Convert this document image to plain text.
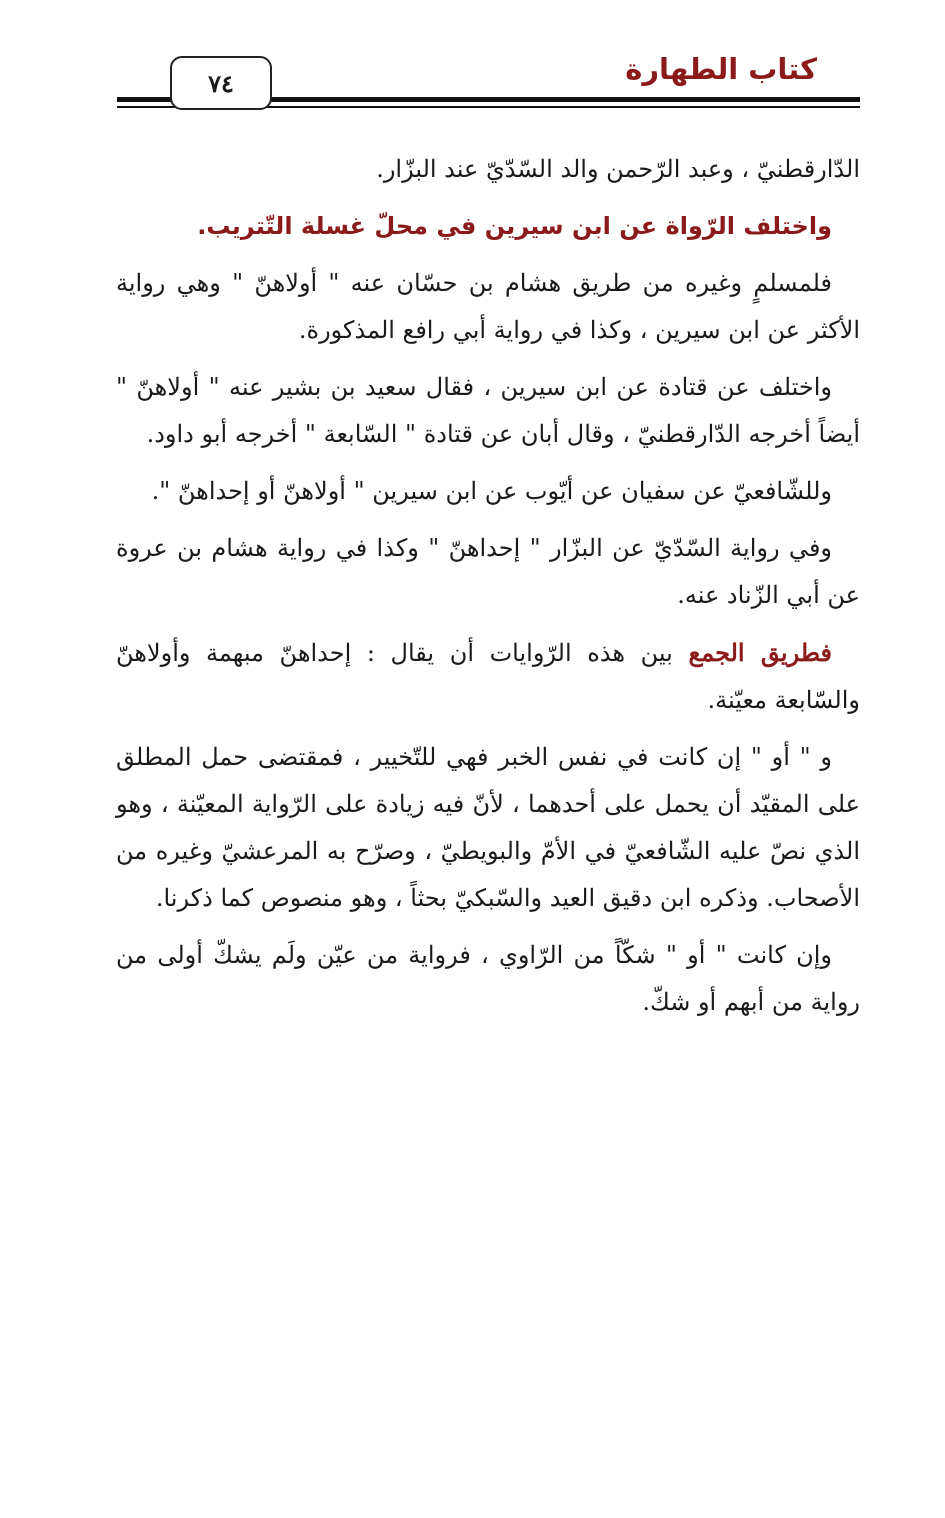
كتاب الطهارة
٧٤

الدّارقطنيّ ، وعبد الرّحمن والد السّدّيّ عند البزّار.

واختلف الرّواة عن ابن سيرين في محلّ غسلة التّتريب.

فلمسلمٍ وغيره من طريق هشام بن حسّان عنه " أولاهنّ " وهي رواية الأكثر عن ابن سيرين ، وكذا في رواية أبي رافع المذكورة.

واختلف عن قتادة عن ابن سيرين ، فقال سعيد بن بشير عنه " أولاهنّ " أيضاً أخرجه الدّارقطنيّ ، وقال أبان عن قتادة " السّابعة " أخرجه أبو داود.

وللشّافعيّ عن سفيان عن أيّوب عن ابن سيرين " أولاهنّ أو إحداهنّ ".

وفي رواية السّدّيّ عن البزّار " إحداهنّ " وكذا في رواية هشام بن عروة عن أبي الزّناد عنه.

فطريق الجمع بين هذه الرّوايات أن يقال : إحداهنّ مبهمة وأولاهنّ والسّابعة معيّنة.

و " أو " إن كانت في نفس الخبر فهي للتّخيير ، فمقتضى حمل المطلق على المقيّد أن يحمل على أحدهما ، لأنّ فيه زيادة على الرّواية المعيّنة ، وهو الذي نصّ عليه الشّافعيّ في الأمّ والبويطيّ ، وصرّح به المرعشيّ وغيره من الأصحاب. وذكره ابن دقيق العيد والسّبكيّ بحثاً ، وهو منصوص كما ذكرنا.

وإن كانت " أو " شكّاً من الرّاوي ، فرواية من عيّن ولَم يشكّ أولى من رواية من أبهم أو شكّ.
